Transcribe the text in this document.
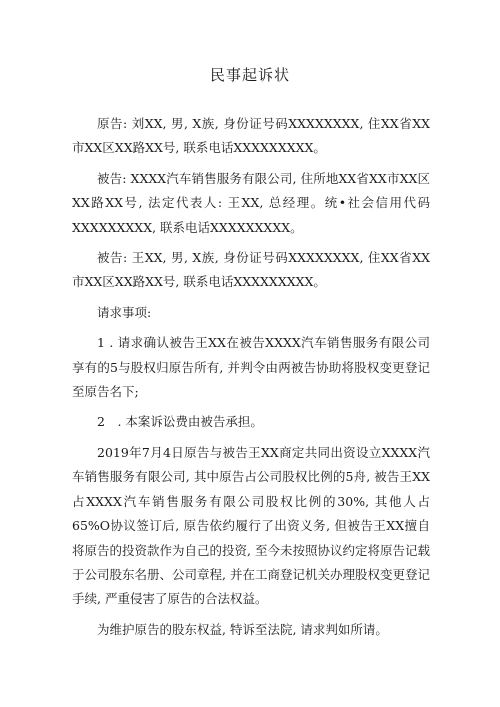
民事起诉状

原告: 刘XX, 男, X族, 身份证号码XXXXXXXX, 住XX省XX市XX区XX路XX号, 联系电话XXXXXXXXX。

被告: XXXX汽车销售服务有限公司, 住所地XX省XX市XX区XX路XX号, 法定代表人: 王XX, 总经理。统•社会信用代码XXXXXXXXX, 联系电话XXXXXXXXX。

被告: 王XX, 男, X族, 身份证号码XXXXXXXX, 住XX省XX市XX区XX路XX号, 联系电话XXXXXXXXX。

请求事项:

1 . 请求确认被告王XX在被告XXXX汽车销售服务有限公司享有的5与股权归原告所有, 并判令由两被告协助将股权变更登记至原告名下;

2　. 本案诉讼费由被告承担。

2019年7月4日原告与被告王XX商定共同出资设立XXXX汽车销售服务有限公司, 其中原告占公司股权比例的5舟, 被告王XX占XXXX汽车销售服务有限公司股权比例的30%, 其他人占65%O协议签订后, 原告依约履行了出资义务, 但被告王XX擅自将原告的投资款作为自己的投资, 至今未按照协议约定将原告记载于公司股东名册、公司章程, 并在工商登记机关办理股权变更登记手续, 严重侵害了原告的合法权益。

为维护原告的股东权益, 特诉至法院, 请求判如所请。
